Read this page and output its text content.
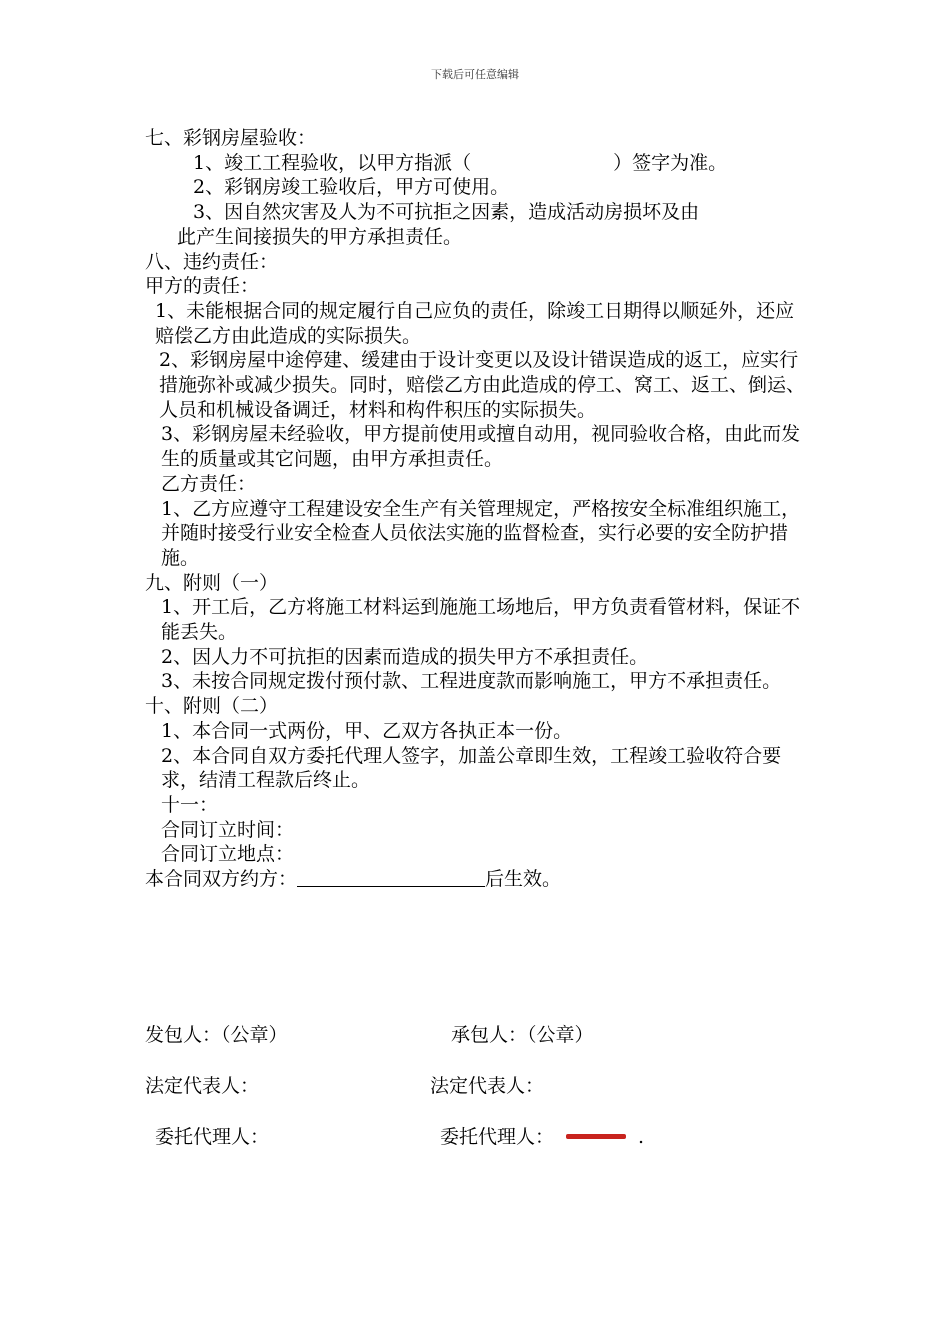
下载后可任意编辑
七、彩钢房屋验收：
1、竣工工程验收，以甲方指派（	）签字为准。
2、彩钢房竣工验收后，甲方可使用。
3、因自然灾害及人为不可抗拒之因素，造成活动房损坏及由
此产生间接损失的甲方承担责任。
八、违约责任：
甲方的责任：
1、未能根据合同的规定履行自己应负的责任，除竣工日期得以顺延外，还应赔偿乙方由此造成的实际损失。
2、彩钢房屋中途停建、缓建由于设计变更以及设计错误造成的返工，应实行措施弥补或减少损失。同时，赔偿乙方由此造成的停工、窝工、返工、倒运、人员和机械设备调迁，材料和构件积压的实际损失。
3、彩钢房屋未经验收，甲方提前使用或擅自动用，视同验收合格，由此而发生的质量或其它问题，由甲方承担责任。
乙方责任：
1、乙方应遵守工程建设安全生产有关管理规定，严格按安全标准组织施工，并随时接受行业安全检查人员依法实施的监督检查，实行必要的安全防护措施。
九、附则（一）
1、开工后，乙方将施工材料运到施施工场地后，甲方负责看管材料，保证不能丢失。
2、因人力不可抗拒的因素而造成的损失甲方不承担责任。
3、未按合同规定拨付预付款、工程进度款而影响施工，甲方不承担责任。
十、附则（二）
1、本合同一式两份，甲、乙双方各执正本一份。
2、本合同自双方委托代理人签字，加盖公章即生效，工程竣工验收符合要求，结清工程款后终止。
十一：
合同订立时间：
合同订立地点：
本合同双方约方：	后生效。
发包人：（公章）	承包人：（公章）
法定代表人：	法定代表人：
委托代理人：	委托代理人：	.
